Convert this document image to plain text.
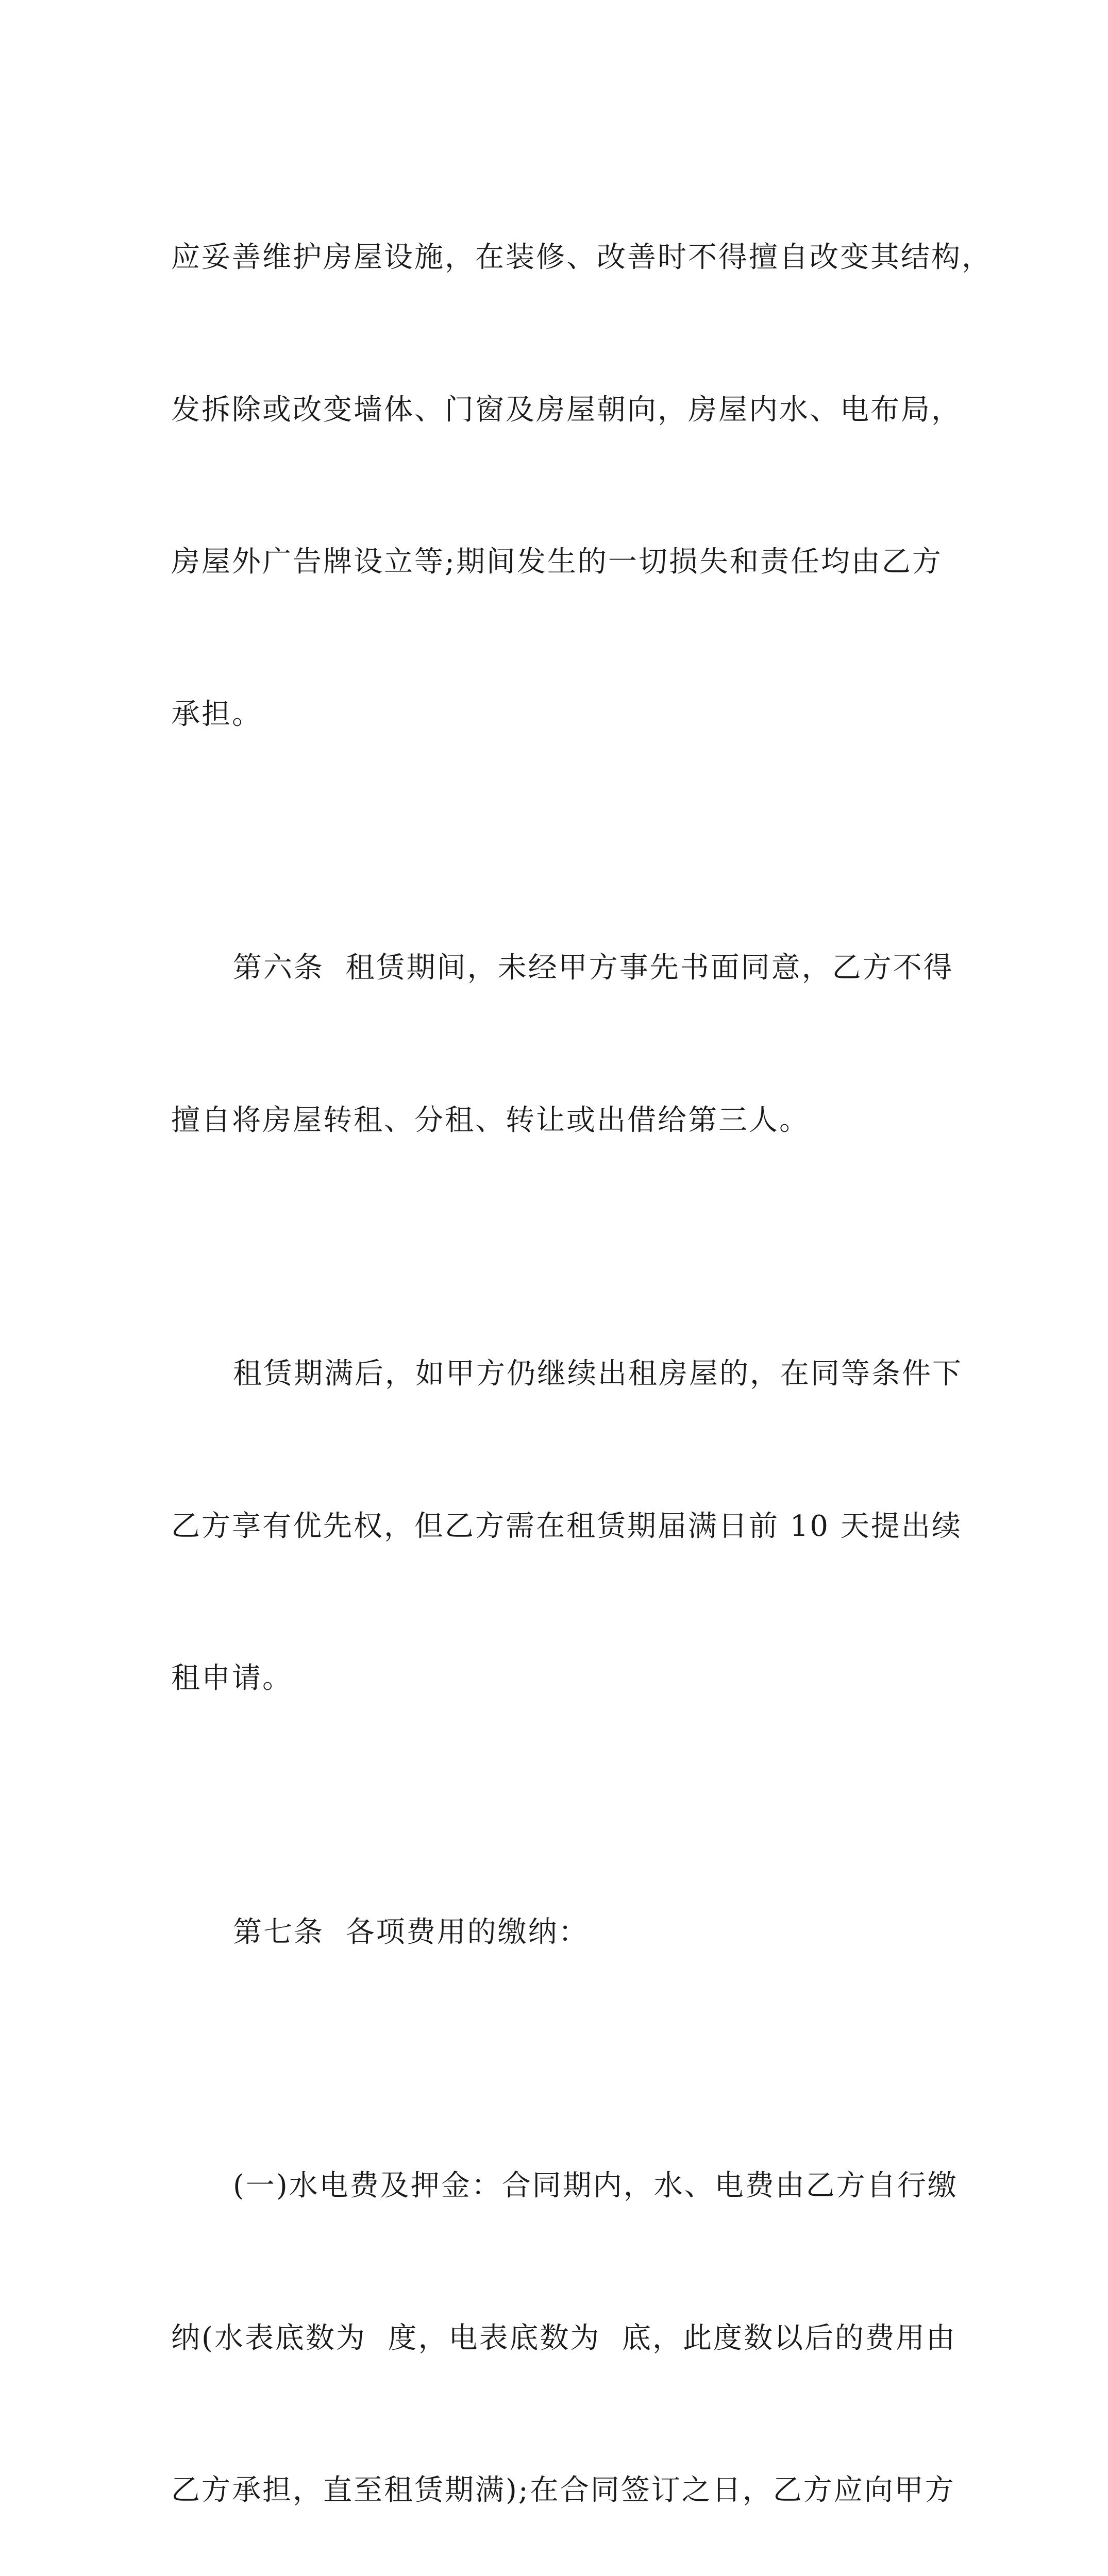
应妥善维护房屋设施，在装修、改善时不得擅自改变其结构，

发拆除或改变墙体、门窗及房屋朝向，房屋内水、电布局，

房屋外广告牌设立等;期间发生的一切损失和责任均由乙方

承担。

第六条  租赁期间，未经甲方事先书面同意，乙方不得

擅自将房屋转租、分租、转让或出借给第三人。

租赁期满后，如甲方仍继续出租房屋的，在同等条件下

乙方享有优先权，但乙方需在租赁期届满日前 10 天提出续

租申请。

第七条  各项费用的缴纳：

(一)水电费及押金：合同期内，水、电费由乙方自行缴

纳(水表底数为  度，电表底数为  底，此度数以后的费用由

乙方承担，直至租赁期满);在合同签订之日，乙方应向甲方
